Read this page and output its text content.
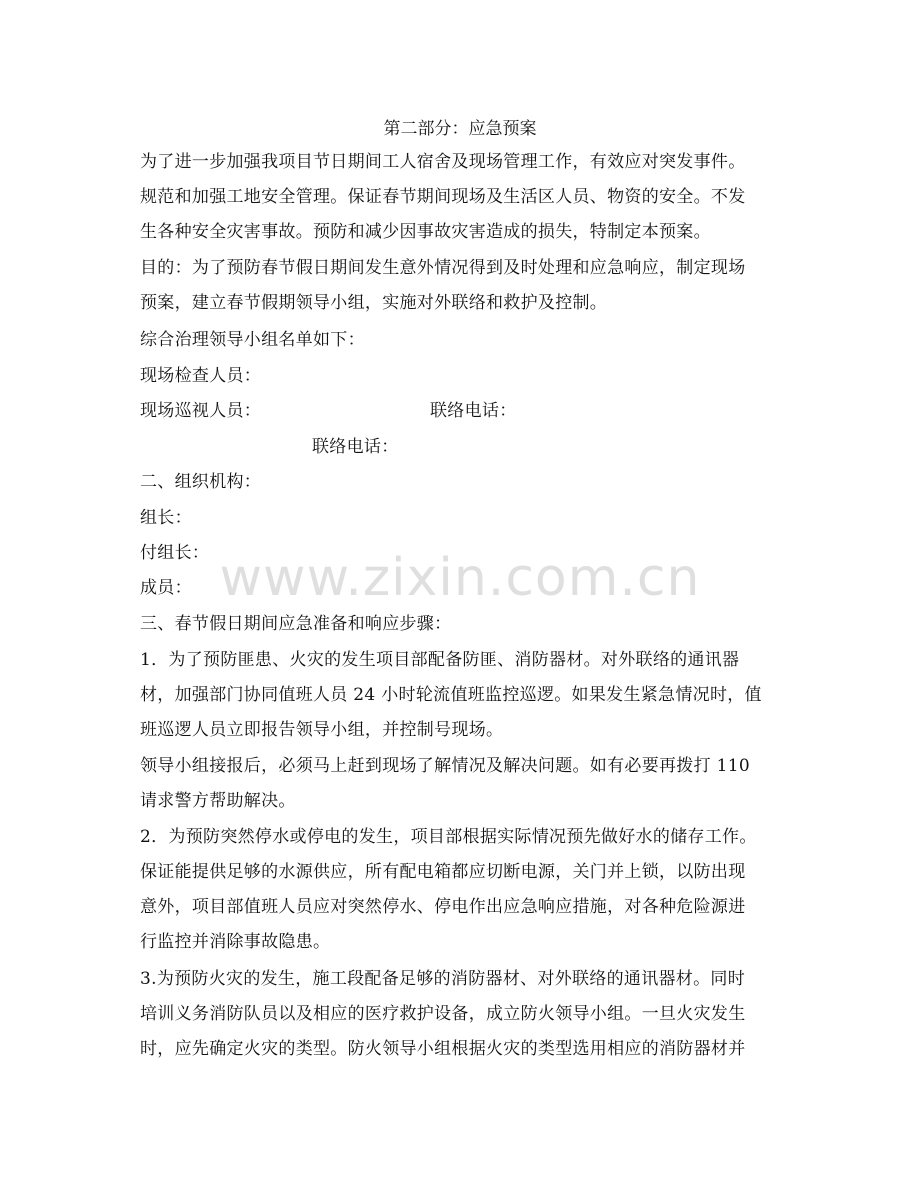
第二部分：应急预案
为了进一步加强我项目节日期间工人宿舍及现场管理工作，有效应对突发事件。
规范和加强工地安全管理。保证春节期间现场及生活区人员、物资的安全。不发
生各种安全灾害事故。预防和减少因事故灾害造成的损失，特制定本预案。
目的：为了预防春节假日期间发生意外情况得到及时处理和应急响应，制定现场
预案，建立春节假期领导小组，实施对外联络和救护及控制。
综合治理领导小组名单如下：
现场检查人员：
现场巡视人员：	联络电话：
联络电话：
二、组织机构：
组长：
付组长：
成员：
三、春节假日期间应急准备和响应步骤：
1．为了预防匪患、火灾的发生项目部配备防匪、消防器材。对外联络的通讯器
材，加强部门协同值班人员 24 小时轮流值班监控巡逻。如果发生紧急情况时，值
班巡逻人员立即报告领导小组，并控制号现场。
领导小组接报后，必须马上赶到现场了解情况及解决问题。如有必要再拨打 110
请求警方帮助解决。
2．为预防突然停水或停电的发生，项目部根据实际情况预先做好水的储存工作。
保证能提供足够的水源供应，所有配电箱都应切断电源，关门并上锁，以防出现
意外，项目部值班人员应对突然停水、停电作出应急响应措施，对各种危险源进
行监控并消除事故隐患。
3.为预防火灾的发生，施工段配备足够的消防器材、对外联络的通讯器材。同时
培训义务消防队员以及相应的医疗救护设备，成立防火领导小组。一旦火灾发生
时，应先确定火灾的类型。防火领导小组根据火灾的类型选用相应的消防器材并
www.zixin.com.cn
